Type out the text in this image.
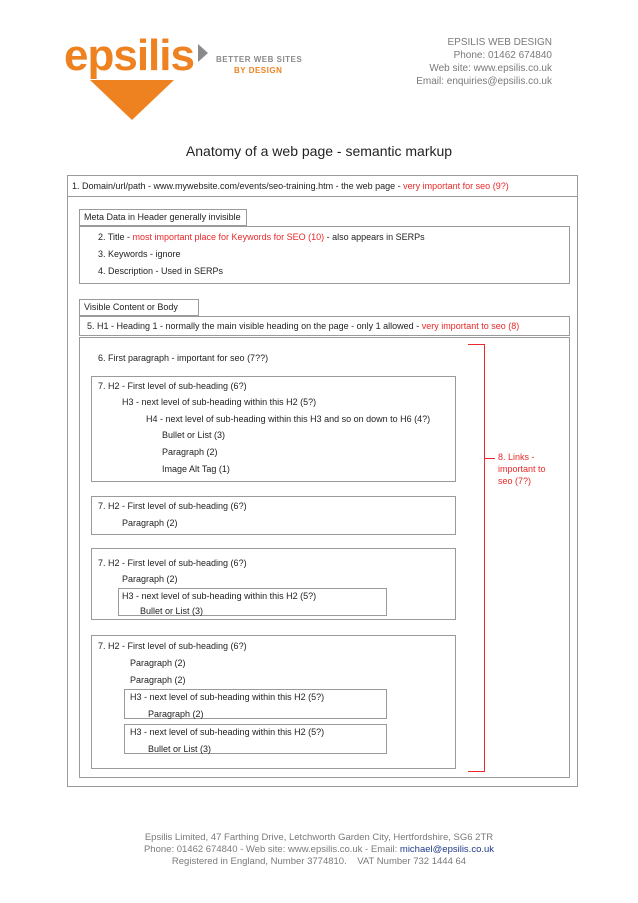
epsilis	BETTER WEB SITES
BY DESIGN
EPSILIS WEB DESIGN
Phone: 01462 674840
Web site: www.epsilis.co.uk
Email: enquiries@epsilis.co.uk
Anatomy of a web page - semantic markup
1. Domain/url/path - www.mywebsite.com/events/seo-training.htm - the web page - very important for seo (9?)
Meta Data in Header generally invisible
2. Title - most important place for Keywords for SEO (10) - also appears in SERPs
3. Keywords - ignore
4. Description - Used in SERPs
Visible Content or Body
5. H1 - Heading 1 - normally the main visible heading on the page - only 1 allowed - very important to seo (8)
6. First paragraph - important for seo (7??)
7. H2 - First level of sub-heading (6?)
H3 - next level of sub-heading within this H2 (5?)
H4 - next level of sub-heading within this H3 and so on down to H6 (4?)
Bullet or List (3)
Paragraph (2)
Image Alt Tag (1)
7. H2 - First level of sub-heading (6?)
Paragraph (2)
7. H2 - First level of sub-heading (6?)
Paragraph (2)
H3 - next level of sub-heading within this H2 (5?)
Bullet or List (3)
7. H2 - First level of sub-heading (6?)
Paragraph (2)
Paragraph (2)
H3 - next level of sub-heading within this H2 (5?)
Paragraph (2)
H3 - next level of sub-heading within this H2 (5?)
Bullet or List (3)
8. Links -
important to
seo (7?)
Epsilis Limited, 47 Farthing Drive, Letchworth Garden City, Hertfordshire, SG6 2TR
Phone: 01462 674840 - Web site: www.epsilis.co.uk - Email: michael@epsilis.co.uk
Registered in England, Number 3774810.    VAT Number 732 1444 64
